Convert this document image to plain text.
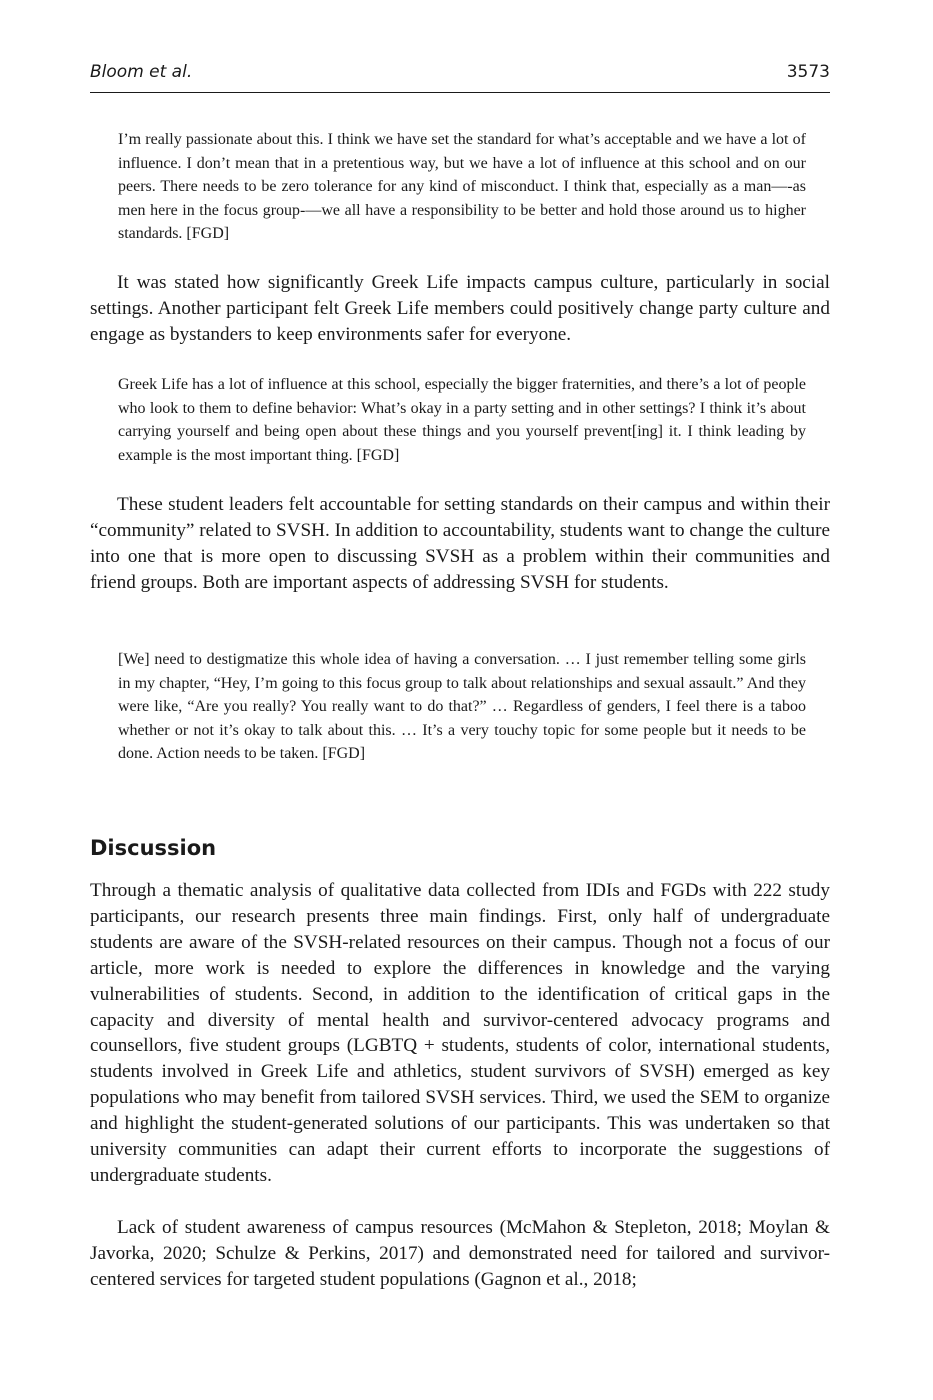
Bloom et al.	3573

I’m really passionate about this. I think we have set the standard for what’s acceptable and we have a lot of influence. I don’t mean that in a pretentious way, but we have a lot of influence at this school and on our peers. There needs to be zero tolerance for any kind of misconduct. I think that, especially as a man—-as men here in the focus group-—we all have a responsibility to be better and hold those around us to higher standards. [FGD]

It was stated how significantly Greek Life impacts campus culture, particularly in social settings. Another participant felt Greek Life members could positively change party culture and engage as bystanders to keep environments safer for everyone.

Greek Life has a lot of influence at this school, especially the bigger fraternities, and there’s a lot of people who look to them to define behavior: What’s okay in a party setting and in other settings? I think it’s about carrying yourself and being open about these things and you yourself prevent[ing] it. I think leading by example is the most important thing. [FGD]

These student leaders felt accountable for setting standards on their campus and within their “community” related to SVSH. In addition to accountability, students want to change the culture into one that is more open to discussing SVSH as a problem within their communities and friend groups. Both are important aspects of addressing SVSH for students.

[We] need to destigmatize this whole idea of having a conversation. … I just remember telling some girls in my chapter, “Hey, I’m going to this focus group to talk about relationships and sexual assault.” And they were like, “Are you really? You really want to do that?” … Regardless of genders, I feel there is a taboo whether or not it’s okay to talk about this. … It’s a very touchy topic for some people but it needs to be done. Action needs to be taken. [FGD]

Discussion

Through a thematic analysis of qualitative data collected from IDIs and FGDs with 222 study participants, our research presents three main findings. First, only half of undergraduate students are aware of the SVSH-related resources on their campus. Though not a focus of our article, more work is needed to explore the differences in knowledge and the varying vulnerabilities of students. Second, in addition to the identification of critical gaps in the capacity and diversity of mental health and survivor-centered advocacy programs and counsellors, five student groups (LGBTQ + students, students of color, international students, students involved in Greek Life and athletics, student survivors of SVSH) emerged as key populations who may benefit from tailored SVSH services. Third, we used the SEM to organize and highlight the student-generated solutions of our participants. This was undertaken so that university communities can adapt their current efforts to incorporate the suggestions of undergraduate students.

Lack of student awareness of campus resources (McMahon & Stepleton, 2018; Moylan & Javorka, 2020; Schulze & Perkins, 2017) and demonstrated need for tailored and survivor-centered services for targeted student populations (Gagnon et al., 2018;
